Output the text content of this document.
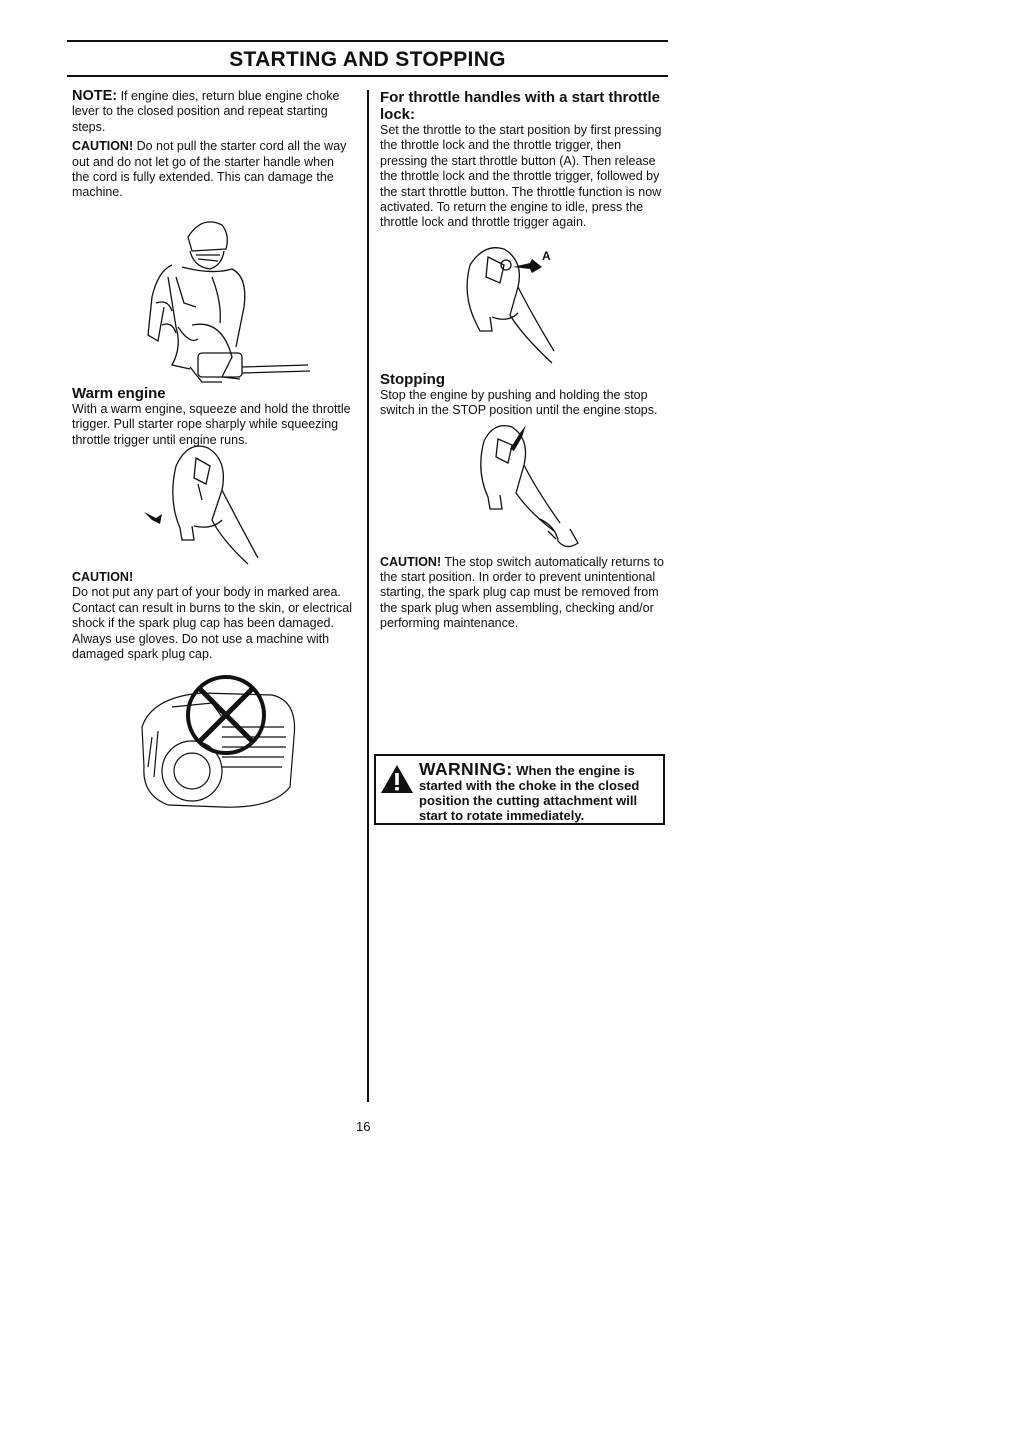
STARTING AND STOPPING

NOTE: If engine dies, return blue engine choke lever to the closed position and repeat starting steps.

CAUTION! Do not pull the starter cord all the way out and do not let go of the starter handle when the cord is fully extended. This can damage the machine.

Warm engine

With a warm engine, squeeze and hold the throttle trigger. Pull starter rope sharply while squeezing throttle trigger until engine runs.

CAUTION!

Do not put any part of your body in marked area. Contact can result in burns to the skin, or electrical shock if the spark plug cap has been damaged. Always use gloves. Do not use a machine with damaged spark plug cap.

For throttle handles with a start throttle lock:

Set the throttle to the start position by first pressing the throttle lock and the throttle trigger, then pressing the start throttle button (A). Then release the throttle lock and the throttle trigger, followed by the start throttle button. The throttle function is now activated. To return the engine to idle, press the throttle lock and throttle trigger again.

A

Stopping

Stop the engine by pushing and holding the stop switch in the STOP position until the engine stops.

CAUTION! The stop switch automatically returns to the start position. In order to prevent unintentional starting, the spark plug cap must be removed from the spark plug when assembling, checking and/or performing maintenance.

WARNING: When the engine is started with the choke in the closed position the cutting attachment will start to rotate immediately.
16
